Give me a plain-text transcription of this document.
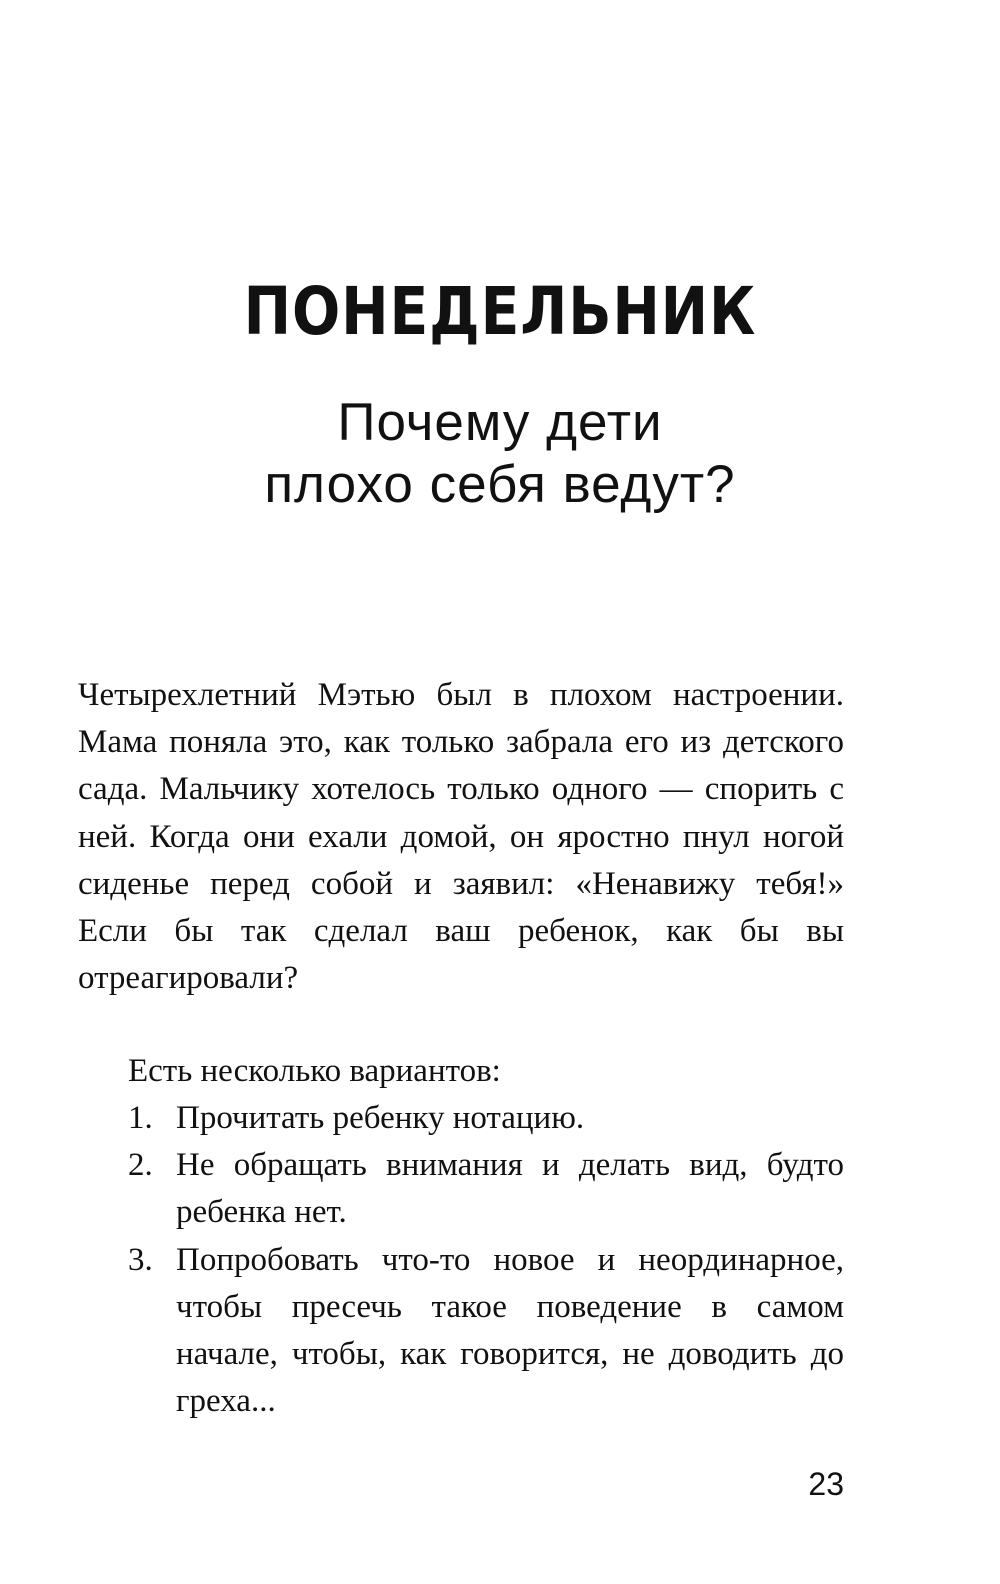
ПОНЕДЕЛЬНИК
Почему дети
плохо себя ведут?

Четырехлетний Мэтью был в плохом настроении. Мама поняла это, как только забрала его из детского сада. Мальчику хотелось только одного — спорить с ней. Когда они ехали домой, он яростно пнул ногой сиденье перед собой и заявил: «Ненавижу тебя!» Если бы так сделал ваш ребенок, как бы вы отреагировали?

Есть несколько вариантов:

1. Прочитать ребенку нотацию.
2. Не обращать внимания и делать вид, будто ребенка нет.
3. Попробовать что-то новое и неординарное, чтобы пресечь такое поведение в самом начале, чтобы, как говорится, не доводить до греха...

23
